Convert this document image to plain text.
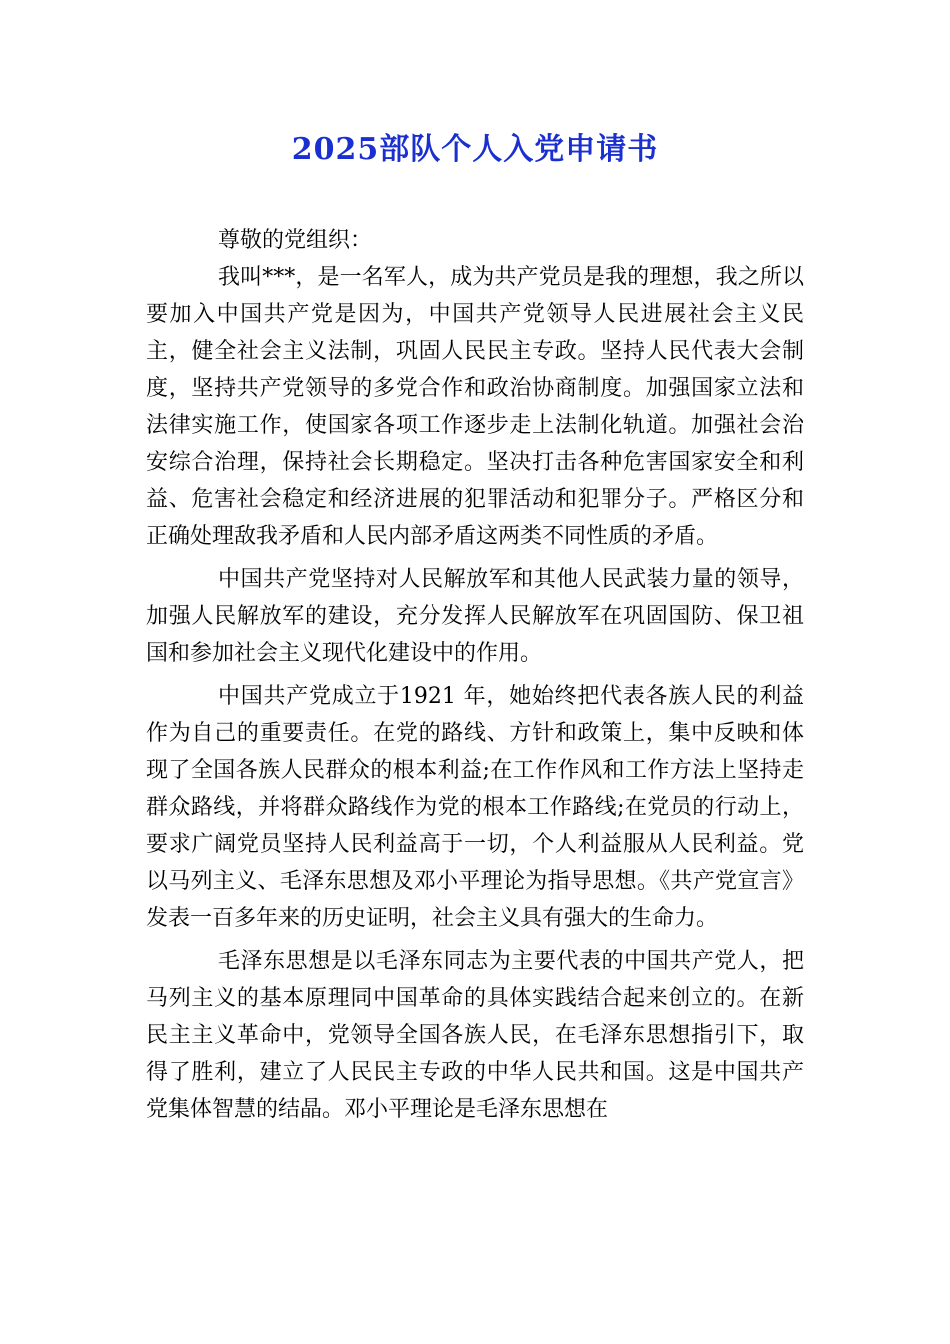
2025部队个人入党申请书

尊敬的党组织：

我叫***，是一名军人，成为共产党员是我的理想，我之所以要加入中国共产党是因为，中国共产党领导人民进展社会主义民主，健全社会主义法制，巩固人民民主专政。坚持人民代表大会制度，坚持共产党领导的多党合作和政治协商制度。加强国家立法和法律实施工作，使国家各项工作逐步走上法制化轨道。加强社会治安综合治理，保持社会长期稳定。坚决打击各种危害国家安全和利益、危害社会稳定和经济进展的犯罪活动和犯罪分子。严格区分和正确处理敌我矛盾和人民内部矛盾这两类不同性质的矛盾。

中国共产党坚持对人民解放军和其他人民武装力量的领导，加强人民解放军的建设，充分发挥人民解放军在巩固国防、保卫祖国和参加社会主义现代化建设中的作用。

中国共产党成立于1921 年，她始终把代表各族人民的利益作为自己的重要责任。在党的路线、方针和政策上，集中反映和体现了全国各族人民群众的根本利益;在工作作风和工作方法上坚持走群众路线，并将群众路线作为党的根本工作路线;在党员的行动上，要求广阔党员坚持人民利益高于一切，个人利益服从人民利益。党以马列主义、毛泽东思想及邓小平理论为指导思想。《共产党宣言》发表一百多年来的历史证明，社会主义具有强大的生命力。

毛泽东思想是以毛泽东同志为主要代表的中国共产党人，把马列主义的基本原理同中国革命的具体实践结合起来创立的。在新民主主义革命中，党领导全国各族人民，在毛泽东思想指引下，取得了胜利，建立了人民民主专政的中华人民共和国。这是中国共产党集体智慧的结晶。邓小平理论是毛泽东思想在
